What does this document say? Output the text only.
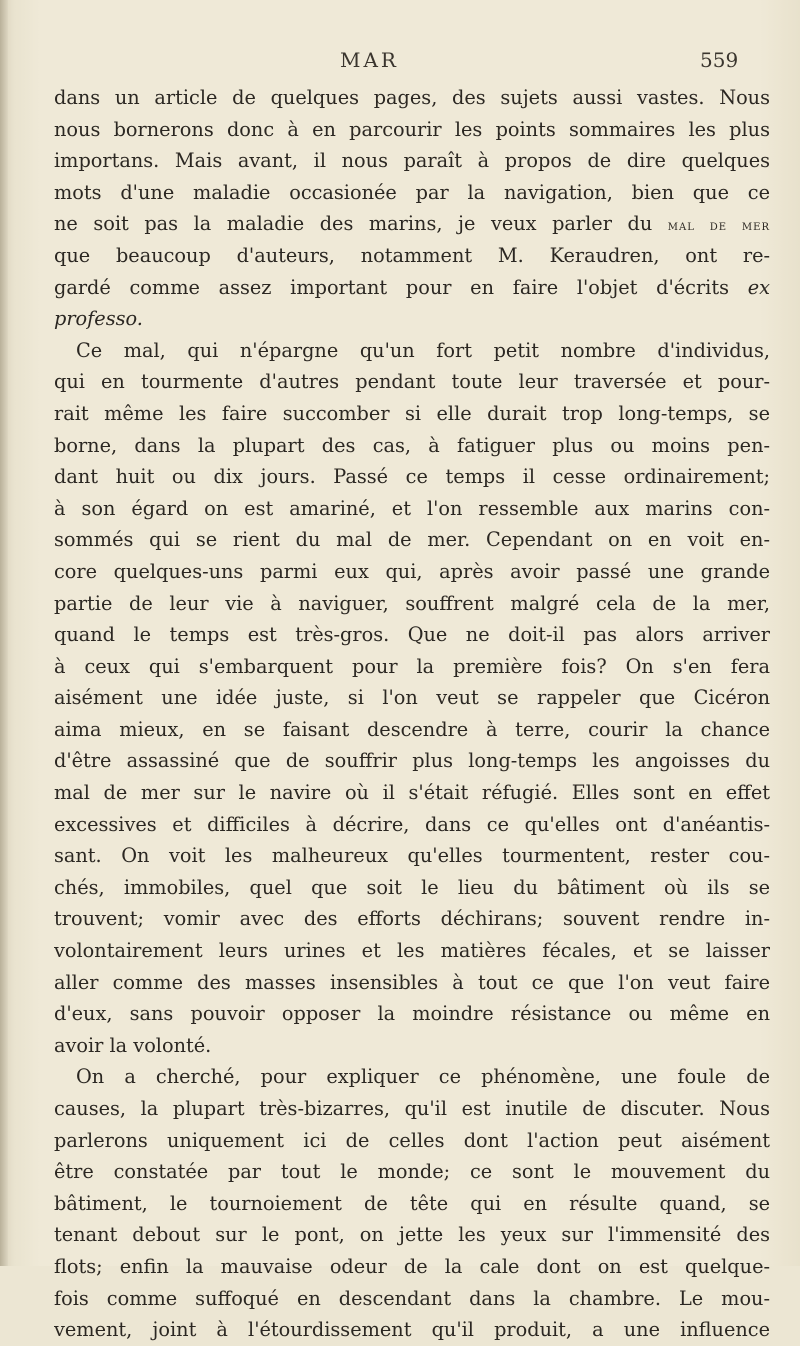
MAR	559
dans un article de quelques pages, des sujets aussi vastes. Nous
nous bornerons donc à en parcourir les points sommaires les plus
importans. Mais avant, il nous paraît à propos de dire quelques
mots d'une maladie occasionée par la navigation, bien que ce
ne soit pas la maladie des marins, je veux parler du mal de mer
que beaucoup d'auteurs, notamment M. Keraudren, ont re-
gardé comme assez important pour en faire l'objet d'écrits ex
professo.
Ce mal, qui n'épargne qu'un fort petit nombre d'individus,
qui en tourmente d'autres pendant toute leur traversée et pour-
rait même les faire succomber si elle durait trop long-temps, se
borne, dans la plupart des cas, à fatiguer plus ou moins pen-
dant huit ou dix jours. Passé ce temps il cesse ordinairement;
à son égard on est amariné, et l'on ressemble aux marins con-
sommés qui se rient du mal de mer. Cependant on en voit en-
core quelques-uns parmi eux qui, après avoir passé une grande
partie de leur vie à naviguer, souffrent malgré cela de la mer,
quand le temps est très-gros. Que ne doit-il pas alors arriver
à ceux qui s'embarquent pour la première fois? On s'en fera
aisément une idée juste, si l'on veut se rappeler que Cicéron
aima mieux, en se faisant descendre à terre, courir la chance
d'être assassiné que de souffrir plus long-temps les angoisses du
mal de mer sur le navire où il s'était réfugié. Elles sont en effet
excessives et difficiles à décrire, dans ce qu'elles ont d'anéantis-
sant. On voit les malheureux qu'elles tourmentent, rester cou-
chés, immobiles, quel que soit le lieu du bâtiment où ils se
trouvent; vomir avec des efforts déchirans; souvent rendre in-
volontairement leurs urines et les matières fécales, et se laisser
aller comme des masses insensibles à tout ce que l'on veut faire
d'eux, sans pouvoir opposer la moindre résistance ou même en
avoir la volonté.
On a cherché, pour expliquer ce phénomène, une foule de
causes, la plupart très-bizarres, qu'il est inutile de discuter. Nous
parlerons uniquement ici de celles dont l'action peut aisément
être constatée par tout le monde; ce sont le mouvement du
bâtiment, le tournoiement de tête qui en résulte quand, se
tenant debout sur le pont, on jette les yeux sur l'immensité des
flots; enfin la mauvaise odeur de la cale dont on est quelque-
fois comme suffoqué en descendant dans la chambre. Le mou-
vement, joint à l'étourdissement qu'il produit, a une influence
